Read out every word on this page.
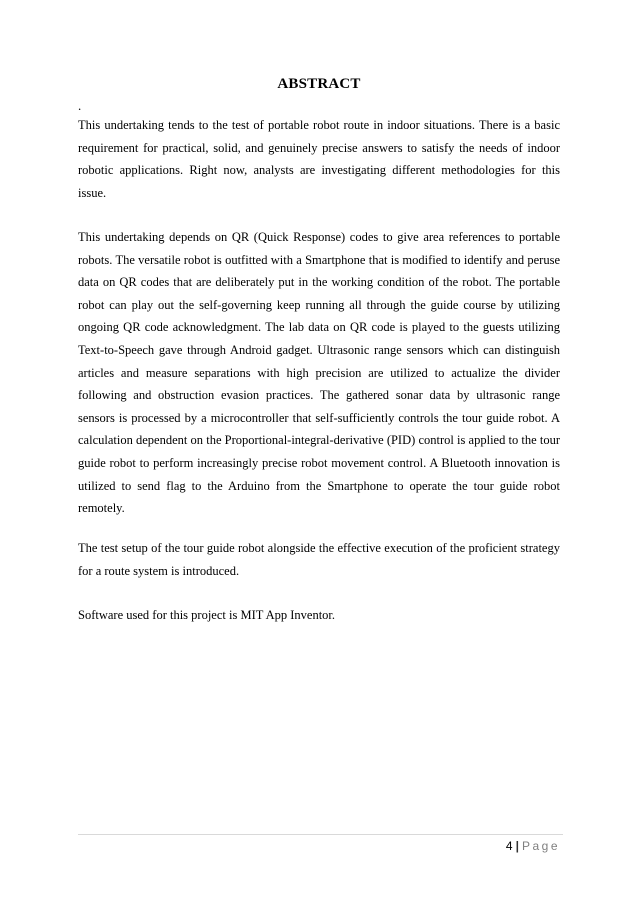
ABSTRACT
.

This undertaking tends to the test of portable robot route in indoor situations. There is a basic requirement for practical, solid, and genuinely precise answers to satisfy the needs of indoor robotic applications. Right now, analysts are investigating different methodologies for this issue.

This undertaking depends on QR (Quick Response) codes to give area references to portable robots. The versatile robot is outfitted with a Smartphone that is modified to identify and peruse data on QR codes that are deliberately put in the working condition of the robot. The portable robot can play out the self-governing keep running all through the guide course by utilizing ongoing QR code acknowledgment. The lab data on QR code is played to the guests utilizing Text-to-Speech gave through Android gadget. Ultrasonic range sensors which can distinguish articles and measure separations with high precision are utilized to actualize the divider following and obstruction evasion practices. The gathered sonar data by ultrasonic range sensors is processed by a microcontroller that self-sufficiently controls the tour guide robot. A calculation dependent on the Proportional-integral-derivative (PID) control is applied to the tour guide robot to perform increasingly precise robot movement control. A Bluetooth innovation is utilized to send flag to the Arduino from the Smartphone to operate the tour guide robot remotely.

The test setup of the tour guide robot alongside the effective execution of the proficient strategy for a route system is introduced.

Software used for this project is MIT App Inventor.

4 | Page
